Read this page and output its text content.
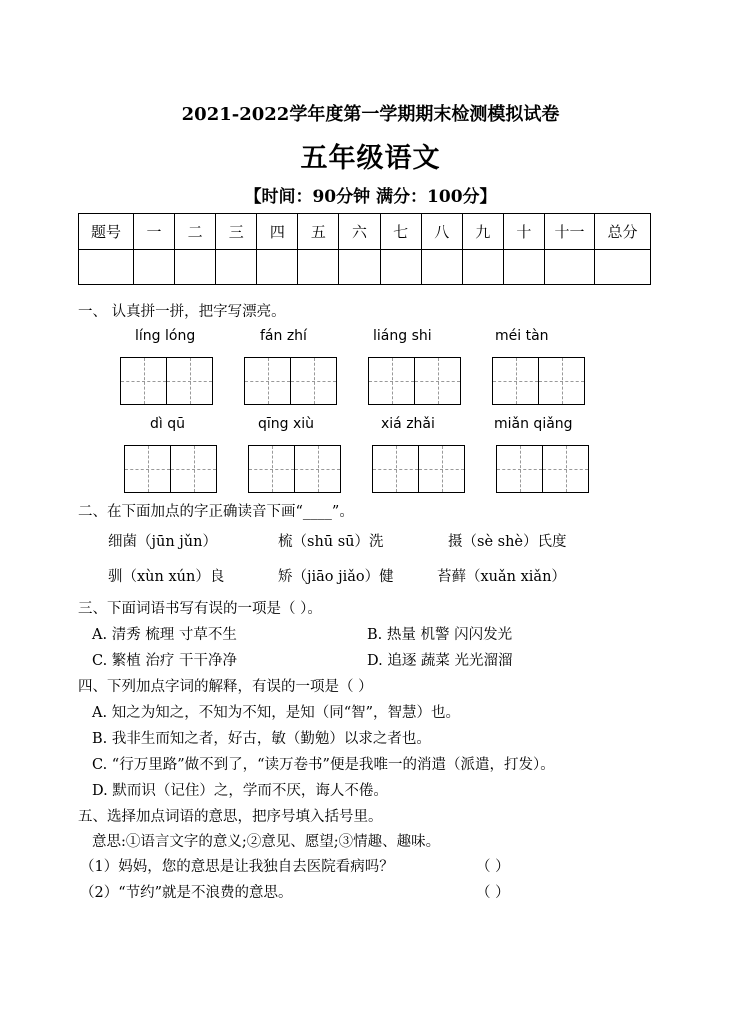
2021-2022学年度第一学期期末检测模拟试卷
五年级语文
【时间：90分钟 满分：100分】
题号	一	二	三	四	五	六	七	八	九	十	十一	总分

一、 认真拼一拼，把字写漂亮。
líng lóng	fán zhí	liáng shi	méi tàn
dì qū	qīng xiù	xiá zhǎi	miǎn qiǎng
二、在下面加点的字正确读音下画“____”。
细菌（jūn jǔn）	梳（shū sū）洗	摄（sè shè）氏度
驯（xùn xún）良	矫（jiāo jiǎo）健	苔藓（xuǎn xiǎn）
三、下面词语书写有误的一项是（ ）。
A. 清秀 梳理 寸草不生	B. 热量 机警 闪闪发光
C. 繁植 治疗 干干净净	D. 追逐 蔬菜 光光溜溜
四、下列加点字词的解释，有误的一项是（ ）
A. 知之为知之，不知为不知，是知（同“智”，智慧）也。
B. 我非生而知之者，好古，敏（勤勉）以求之者也。
C. “行万里路”做不到了，“读万卷书”便是我唯一的消遣（派遣，打发）。
D. 默而识（记住）之，学而不厌，诲人不倦。
五、选择加点词语的意思，把序号填入括号里。
意思:①语言文字的意义;②意见、愿望;③情趣、趣味。
（1）妈妈，您的意思是让我独自去医院看病吗？	（ ）
（2）“节约”就是不浪费的意思。	（ ）
